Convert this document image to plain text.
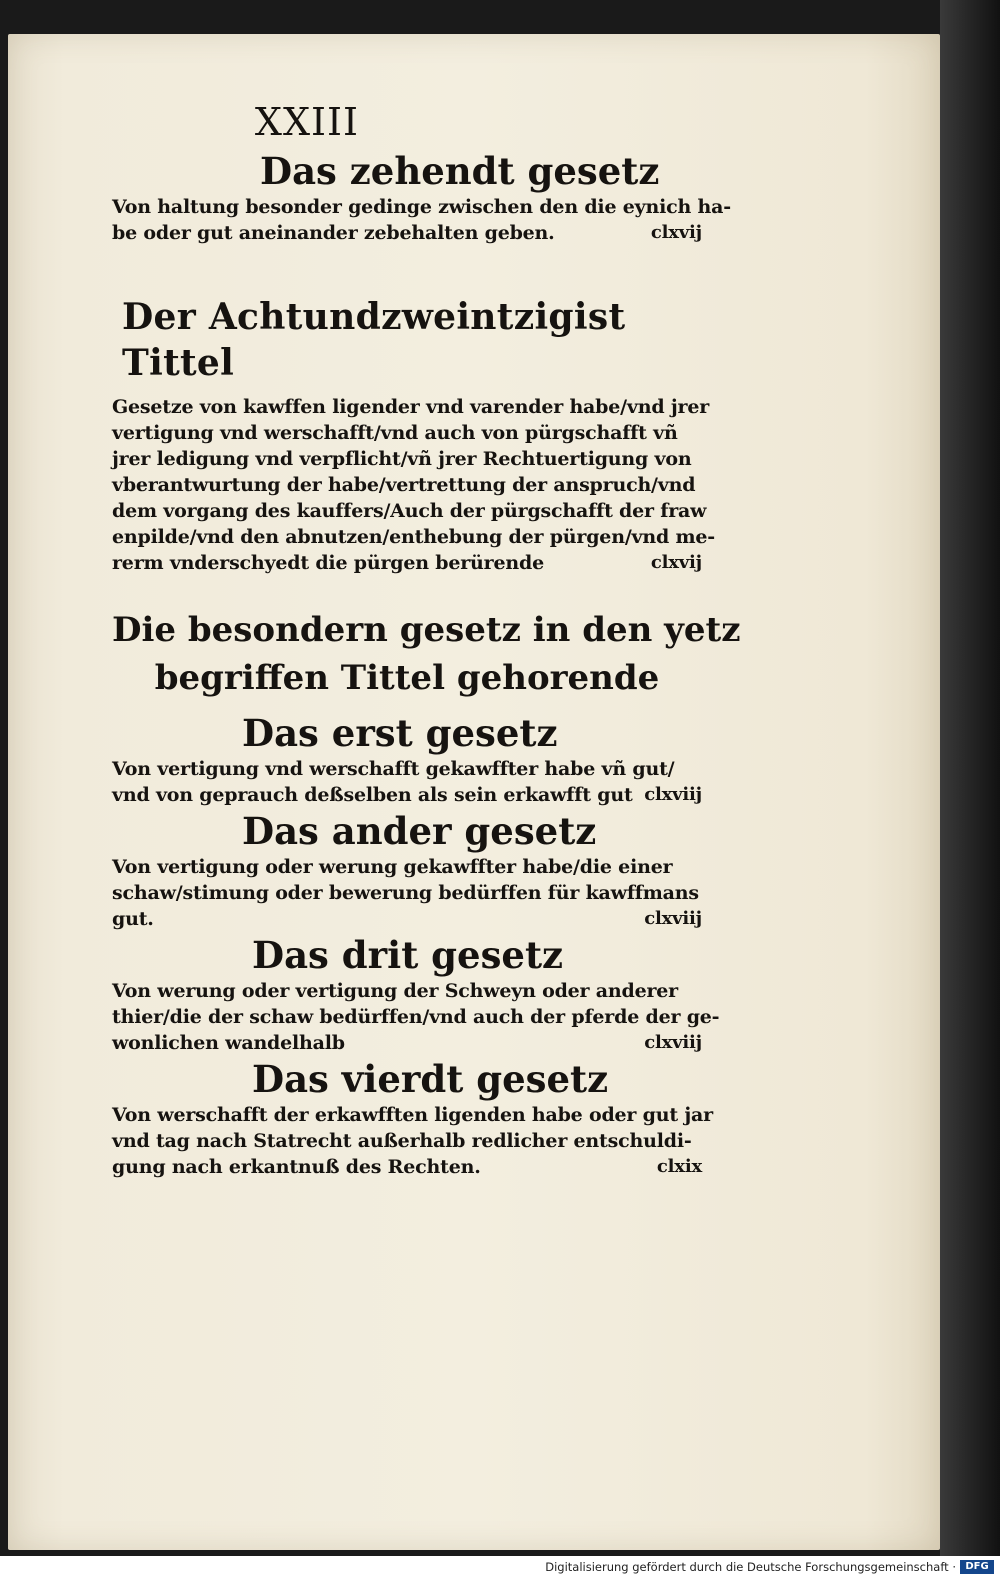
XXIII
Das zehendt gesetz
Von haltung besonder gedinge zwischen den die eynich ha-
be oder gut aneinander zebehalten geben.	clxvij
Der Achtundzweintzigist Tittel
Gesetze von kawffen ligender vnd varender habe/vnd jrer
vertigung vnd werschafft/vnd auch von pürgschafft vñ
jrer ledigung vnd verpflicht/vñ jrer Rechtuertigung von
vberantwurtung der habe/vertrettung der anspruch/vnd
dem vorgang des kauffers/Auch der pürgschafft der fraw
enpilde/vnd den abnutzen/enthebung der pürgen/vnd me-
rerm vnderschyedt die pürgen berürende	clxvij
Die besondern gesetz in den yetz
begriffen Tittel gehorende
Das erst gesetz
Von vertigung vnd werschafft gekawffter habe vñ gut/
vnd von geprauch deßselben als sein erkawfft gut clxviij
Das ander gesetz
Von vertigung oder werung gekawffter habe/die einer
schaw/stimung oder bewerung bedürffen für kawffmans
gut.	clxviij
Das drit gesetz
Von werung oder vertigung der Schweyn oder anderer
thier/die der schaw bedürffen/vnd auch der pferde der ge-
wonlichen wandelhalb	clxviij
Das vierdt gesetz
Von werschafft der erkawfften ligenden habe oder gut jar
vnd tag nach Statrecht außerhalb redlicher entschuldi-
gung nach erkantnuß des Rechten.	clxix
Digitalisierung gefördert durch die Deutsche Forschungsgemeinschaft · DFG
